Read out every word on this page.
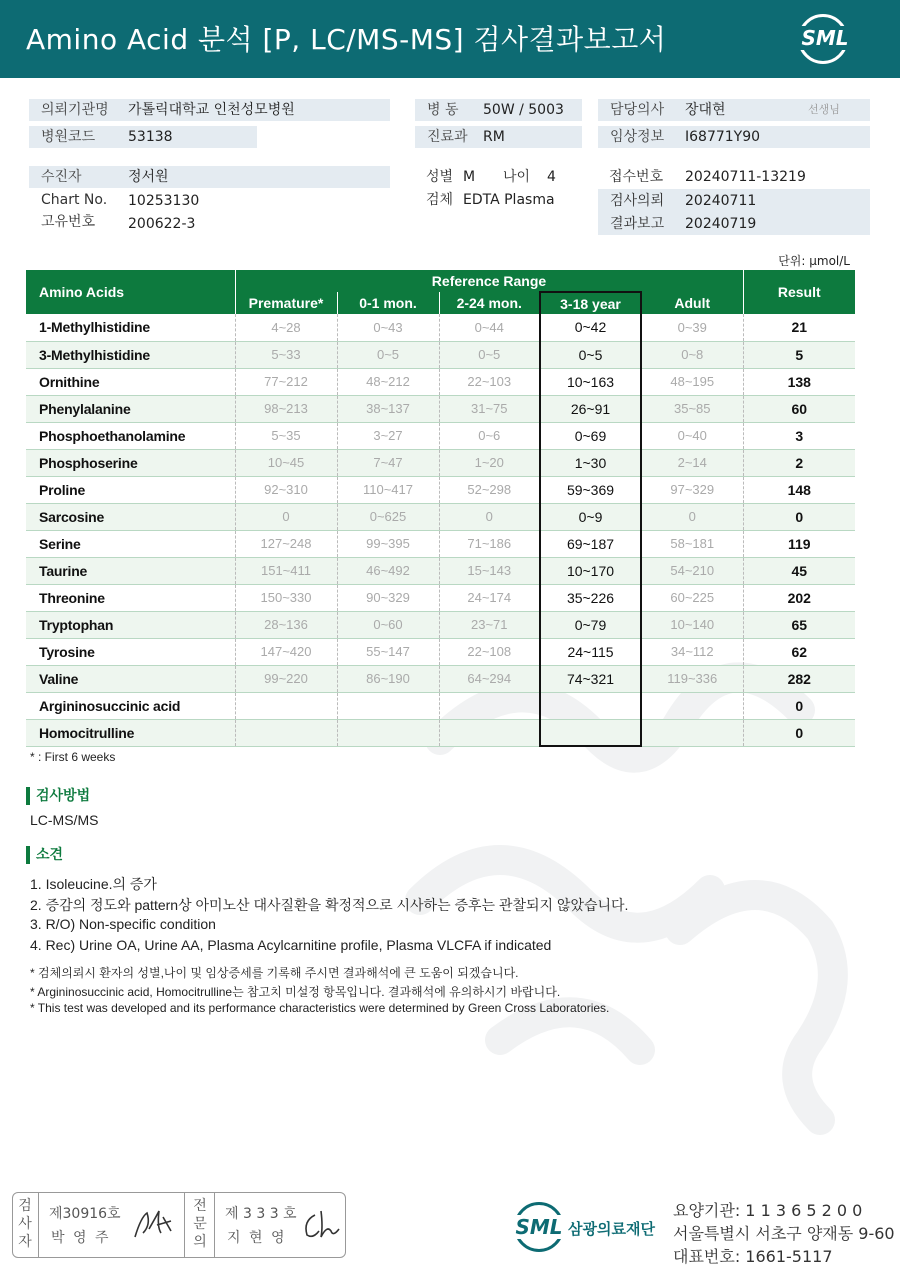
Amino Acid 분석 [P, LC/MS-MS] 검사결과보고서	SML
의뢰기관명	가톨릭대학교 인천성모병원
병원코드	53138
병 동	50W / 5003
진료과	RM
담당의사	장대현	선생님
임상정보	I68771Y90
수진자	정서원
Chart No. 10253130
고유번호 200622-3
성별 M 나이 4
검체 EDTA Plasma
접수번호 20240711-13219
검사의뢰 20240711
결과보고 20240719
단위: μmol/L
Amino Acids	Reference Range					Result
	Premature*	0-1 mon.	2-24 mon.	3-18 year	Adult	
1-Methylhistidine	4~28	0~43	0~44	0~42	0~39	21
3-Methylhistidine	5~33	0~5	0~5	0~5	0~8	5
Ornithine	77~212	48~212	22~103	10~163	48~195	138
Phenylalanine	98~213	38~137	31~75	26~91	35~85	60
Phosphoethanolamine	5~35	3~27	0~6	0~69	0~40	3
Phosphoserine	10~45	7~47	1~20	1~30	2~14	2
Proline	92~310	110~417	52~298	59~369	97~329	148
Sarcosine	0	0~625	0	0~9	0	0
Serine	127~248	99~395	71~186	69~187	58~181	119
Taurine	151~411	46~492	15~143	10~170	54~210	45
Threonine	150~330	90~329	24~174	35~226	60~225	202
Tryptophan	28~136	0~60	23~71	0~79	10~140	65
Tyrosine	147~420	55~147	22~108	24~115	34~112	62
Valine	99~220	86~190	64~294	74~321	119~336	282
Argininosuccinic acid						0
Homocitrulline						0
* : First 6 weeks
검사방법
LC-MS/MS
소견
1. Isoleucine.의 증가
2. 증감의 정도와 pattern상 아미노산 대사질환을 확정적으로 시사하는 증후는 관찰되지 않았습니다.
3. R/O) Non-specific condition
4. Rec) Urine OA, Urine AA, Plasma Acylcarnitine profile, Plasma VLCFA if indicated
* 검체의뢰시 환자의 성별,나이 및 임상증세를 기록해 주시면 결과해석에 큰 도움이 되겠습니다.
* Argininosuccinic acid, Homocitrulline는 참고치 미설정 항목입니다. 결과해석에 유의하시기 바랍니다.
* This test was developed and its performance characteristics were determined by Green Cross Laboratories.
검사자
제30916호
박 영 주
전문의
제 3 3 3 호
지 현 영	SML 삼광의료재단
요양기관: 1 1 3 6 5 2 0 0
서울특별시 서초구 양재동 9-60
대표번호: 1661-5117
